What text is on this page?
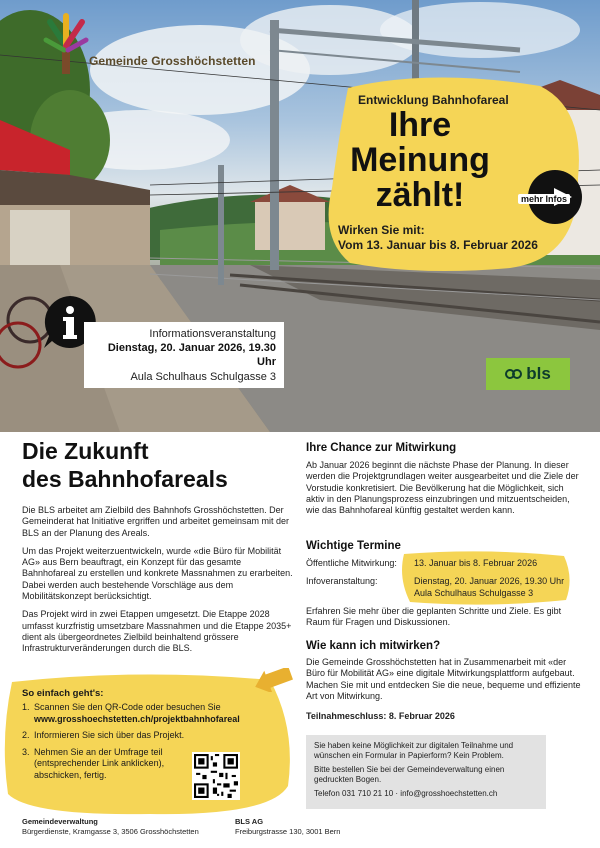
Gemeinde Grosshöchstetten
Entwicklung Bahnhofareal
Ihre
Meinung
zählt!
Wirken Sie mit:
Vom 13. Januar bis 8. Februar 2026
mehr Infos
Informationsveranstaltung
Dienstag, 20. Januar 2026, 19.30 Uhr
Aula Schulhaus Schulgasse 3	bls
Die Zukunft
des Bahnhofareals

Die BLS arbeitet am Zielbild des Bahnhofs Grosshöchstetten. Der Gemeinderat hat Initiative ergriffen und arbeitet gemeinsam mit der BLS an der Planung des Areals.

Um das Projekt weiterzuentwickeln, wurde «die Büro für Mobilität AG» aus Bern beauftragt, ein Konzept für das gesamte Bahnhofareal zu erstellen und konkrete Massnahmen zu erarbeiten. Dabei werden auch bestehende Vorschläge aus dem Mobilitätskonzept berücksichtigt.

Das Projekt wird in zwei Etappen umgesetzt. Die Etappe 2028 umfasst kurzfristig umsetzbare Massnahmen und die Etappe 2035+ dient als übergeordnetes Zielbild beinhaltend grössere Infrastrukturveränderungen durch die BLS.

So einfach geht's:
1. Scannen Sie den QR-Code oder besuchen Sie
www.grosshoechstetten.ch/projektbahnhofareal
2. Informieren Sie sich über das Projekt.
3. Nehmen Sie an der Umfrage teil (entsprechender Link anklicken), abschicken, fertig.
Ihre Chance zur Mitwirkung
Ab Januar 2026 beginnt die nächste Phase der Planung. In dieser werden die Projektgrundlagen weiter ausgearbeitet und die Ziele der Vorstudie konkretisiert. Die Bevölkerung hat die Möglichkeit, sich aktiv in den Planungsprozess einzubringen und mitzuentscheiden, wie das Bahnhofareal künftig gestaltet werden kann.
Wichtige Termine
Öffentliche Mitwirkung: 13. Januar bis 8. Februar 2026
Infoveranstaltung:	Dienstag, 20. Januar 2026, 19.30 Uhr
Aula Schulhaus Schulgasse 3
Erfahren Sie mehr über die geplanten Schritte und Ziele. Es gibt Raum für Fragen und Diskussionen.
Wie kann ich mitwirken?
Die Gemeinde Grosshöchstetten hat in Zusammenarbeit mit «der Büro für Mobilität AG» eine digitale Mitwirkungsplattform aufgebaut. Machen Sie mit und entdecken Sie die neue, bequeme und effiziente Art von Mitwirkung.
Teilnahmeschluss: 8. Februar 2026

Sie haben keine Möglichkeit zur digitalen Teilnahme und wünschen ein Formular in Papierform? Kein Problem.

Bitte bestellen Sie bei der Gemeindeverwaltung einen gedruckten Bogen.

Telefon 031 710 21 10 · info@grosshoechstetten.ch

Gemeindeverwaltung
Bürgerdienste, Kramgasse 3, 3506 Grosshöchstetten
BLS AG
Freiburgstrasse 130, 3001 Bern
